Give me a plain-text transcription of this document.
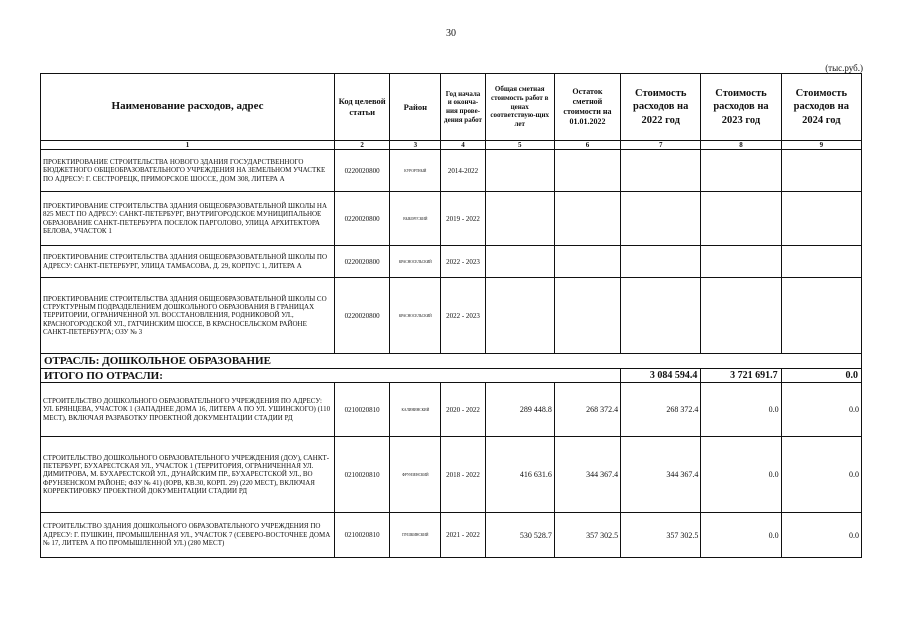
30
(тыс.руб.)
Наименование расходов, адрес	Код целевой статьи	Район	Год начала и оконча-ния прове-дения работ	Общая сметная стоимость работ в ценах соответствую-щих лет	Остаток сметной стоимости на 01.01.2022	Стоимость расходов на 2022 год	Стоимость расходов на 2023 год	Стоимость расходов на 2024 год
1	2	3	4	5	6	7	8	9
ПРОЕКТИРОВАНИЕ СТРОИТЕЛЬСТВА НОВОГО ЗДАНИЯ ГОСУДАРСТВЕННОГО БЮДЖЕТНОГО ОБЩЕОБРАЗОВАТЕЛЬНОГО УЧРЕЖДЕНИЯ НА ЗЕМЕЛЬНОМ УЧАСТКЕ ПО АДРЕСУ: Г. СЕСТРОРЕЦК, ПРИМОРСКОЕ ШОССЕ, ДОМ 308, ЛИТЕРА А	0220020800	КУРОРТНЫЙ	2014-2022					
ПРОЕКТИРОВАНИЕ СТРОИТЕЛЬСТВА ЗДАНИЯ ОБЩЕОБРАЗОВАТЕЛЬНОЙ ШКОЛЫ НА 825 МЕСТ ПО АДРЕСУ: САНКТ-ПЕТЕРБУРГ, ВНУТРИГОРОДСКОЕ МУНИЦИПАЛЬНОЕ ОБРАЗОВАНИЕ САНКТ-ПЕТЕРБУРГА ПОСЕЛОК ПАРГОЛОВО, УЛИЦА АРХИТЕКТОРА БЕЛОВА, УЧАСТОК 1	0220020800	ВЫБОРГСКИЙ	2019 - 2022					
ПРОЕКТИРОВАНИЕ СТРОИТЕЛЬСТВА ЗДАНИЯ ОБЩЕОБРАЗОВАТЕЛЬНОЙ ШКОЛЫ ПО АДРЕСУ: САНКТ-ПЕТЕРБУРГ, УЛИЦА ТАМБАСОВА, Д. 29, КОРПУС 1, ЛИТЕРА А	0220020800	КРАСНОСЕЛЬСКИЙ	2022 - 2023					
ПРОЕКТИРОВАНИЕ СТРОИТЕЛЬСТВА ЗДАНИЯ ОБЩЕОБРАЗОВАТЕЛЬНОЙ ШКОЛЫ СО СТРУКТУРНЫМ ПОДРАЗДЕЛЕНИЕМ ДОШКОЛЬНОГО ОБРАЗОВАНИЯ В ГРАНИЦАХ ТЕРРИТОРИИ, ОГРАНИЧЕННОЙ УЛ. ВОССТАНОВЛЕНИЯ, РОДНИКОВОЙ УЛ., КРАСНОГОРОДСКОЙ УЛ., ГАТЧИНСКИМ ШОССЕ, В КРАСНОСЕЛЬСКОМ РАЙОНЕ САНКТ-ПЕТЕРБУРГА; ОЗУ № 3	0220020800	КРАСНОСЕЛЬСКИЙ	2022 - 2023					
ОТРАСЛЬ: ДОШКОЛЬНОЕ ОБРАЗОВАНИЕ								
ИТОГО ПО ОТРАСЛИ:						3 084 594.4	3 721 691.7	0.0
СТРОИТЕЛЬСТВО ДОШКОЛЬНОГО ОБРАЗОВАТЕЛЬНОГО УЧРЕЖДЕНИЯ ПО АДРЕСУ: УЛ. БРЯНЦЕВА, УЧАСТОК 1 (ЗАПАДНЕЕ ДОМА 16, ЛИТЕРА А ПО УЛ. УШИНСКОГО) (110 МЕСТ), ВКЛЮЧАЯ РАЗРАБОТКУ ПРОЕКТНОЙ ДОКУМЕНТАЦИИ СТАДИИ РД	0210020810	КАЛИНИНСКИЙ	2020 - 2022	289 448.8	268 372.4	268 372.4	0.0	0.0
СТРОИТЕЛЬСТВО ДОШКОЛЬНОГО ОБРАЗОВАТЕЛЬНОГО УЧРЕЖДЕНИЯ (ДОУ), САНКТ-ПЕТЕРБУРГ, БУХАРЕСТСКАЯ УЛ., УЧАСТОК 1 (ТЕРРИТОРИЯ, ОГРАНИЧЕННАЯ УЛ. ДИМИТРОВА, М. БУХАРЕСТСКОЙ УЛ., ДУНАЙСКИМ ПР., БУХАРЕСТСКОЙ УЛ., ВО ФРУНЗЕНСКОМ РАЙОНЕ; ФЗУ № 41) (ЮРВ, КВ.30, КОРП. 29) (220 МЕСТ), ВКЛЮЧАЯ КОРРЕКТИРОВКУ ПРОЕКТНОЙ ДОКУМЕНТАЦИИ СТАДИИ РД	0210020810	ФРУНЗЕНСКИЙ	2018 - 2022	416 631.6	344 367.4	344 367.4	0.0	0.0
СТРОИТЕЛЬСТВО ЗДАНИЯ ДОШКОЛЬНОГО ОБРАЗОВАТЕЛЬНОГО УЧРЕЖДЕНИЯ ПО АДРЕСУ: Г. ПУШКИН, ПРОМЫШЛЕННАЯ УЛ., УЧАСТОК 7 (СЕВЕРО-ВОСТОЧНЕЕ ДОМА № 17, ЛИТЕРА А ПО ПРОМЫШЛЕННОЙ УЛ.) (280 МЕСТ)	0210020810	ПУШКИНСКИЙ	2021 - 2022	530 528.7	357 302.5	357 302.5	0.0	0.0
